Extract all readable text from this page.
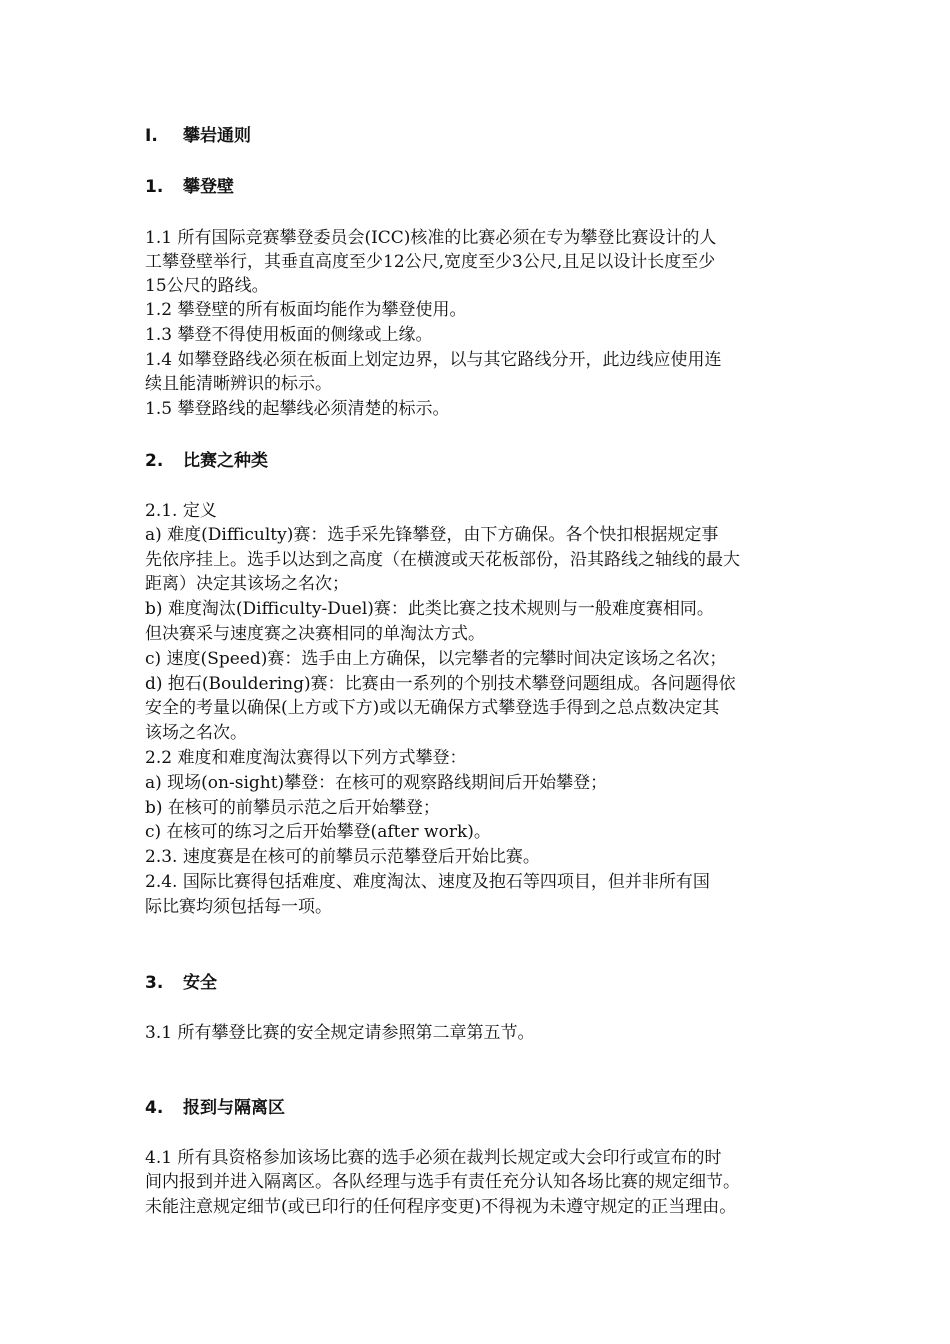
I. 攀岩通则
1. 攀登壁
1.1 所有国际竞赛攀登委员会(ICC)核准的比赛必须在专为攀登比赛设计的人
工攀登壁举行，其垂直高度至少12公尺,宽度至少3公尺,且足以设计长度至少
15公尺的路线。
1.2 攀登壁的所有板面均能作为攀登使用。
1.3 攀登不得使用板面的侧缘或上缘。
1.4 如攀登路线必须在板面上划定边界，以与其它路线分开，此边线应使用连
续且能清晰辨识的标示。
1.5 攀登路线的起攀线必须清楚的标示。
2. 比赛之种类
2.1. 定义
a) 难度(Difficulty)赛：选手采先锋攀登，由下方确保。各个快扣根据规定事
先依序挂上。选手以达到之高度（在横渡或天花板部份，沿其路线之轴线的最大
距离）决定其该场之名次；
b) 难度淘汰(Difficulty-Duel)赛：此类比赛之技术规则与一般难度赛相同。
但决赛采与速度赛之决赛相同的单淘汰方式。
c) 速度(Speed)赛：选手由上方确保，以完攀者的完攀时间决定该场之名次；
d) 抱石(Bouldering)赛：比赛由一系列的个别技术攀登问题组成。各问题得依
安全的考量以确保(上方或下方)或以无确保方式攀登选手得到之总点数决定其
该场之名次。
2.2 难度和难度淘汰赛得以下列方式攀登：
a) 现场(on-sight)攀登：在核可的观察路线期间后开始攀登；
b) 在核可的前攀员示范之后开始攀登；
c) 在核可的练习之后开始攀登(after work)。
2.3. 速度赛是在核可的前攀员示范攀登后开始比赛。
2.4. 国际比赛得包括难度、难度淘汰、速度及抱石等四项目，但并非所有国
际比赛均须包括每一项。
3. 安全
3.1 所有攀登比赛的安全规定请参照第二章第五节。
4. 报到与隔离区
4.1 所有具资格参加该场比赛的选手必须在裁判长规定或大会印行或宣布的时
间内报到并进入隔离区。各队经理与选手有责任充分认知各场比赛的规定细节。
未能注意规定细节(或已印行的任何程序变更)不得视为未遵守规定的正当理由。
